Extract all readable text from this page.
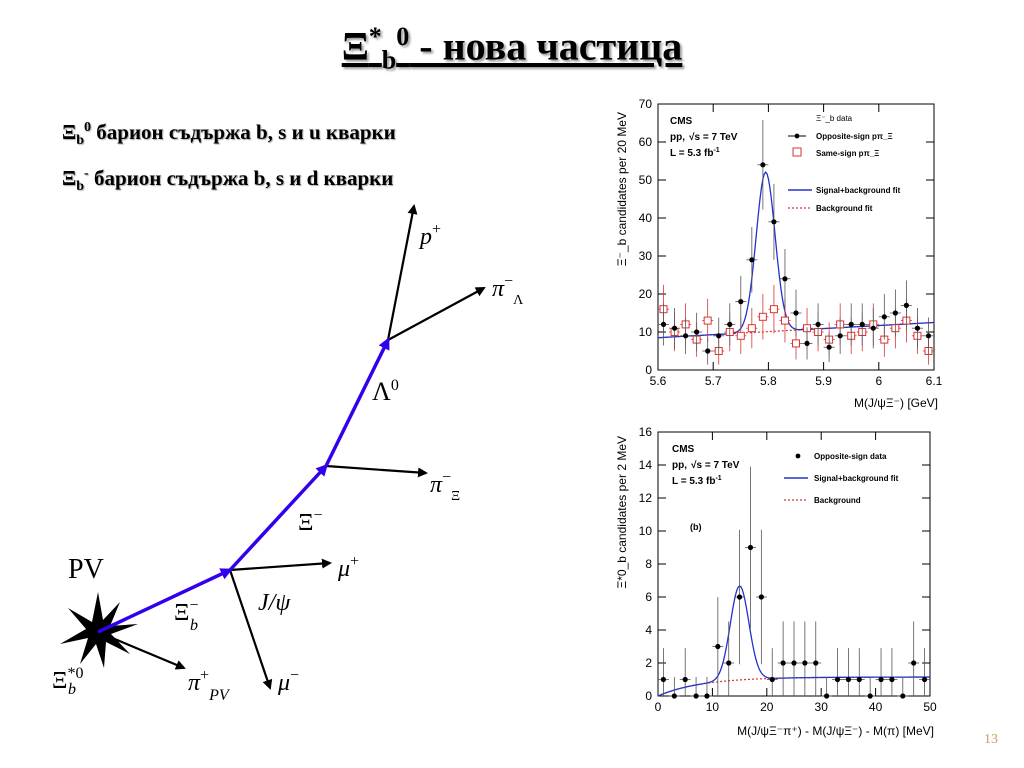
$\Xi^*_b^0$ - нова частица
$\Xi_b^0$ барион съдържа b, s и u кварки
$\Xi_b^-$ барион съдържа b, s и d кварки
PV
$\Xi^{*0}$
b	$\pi^+_{PV}$
Ξ−
b
J/ψ
μ+
μ−
Ξ−
$\pi^-_\Xi$
$\Lambda^0$
$\pi^-_\Lambda$
p+
5.6	5.7	5.8	5.9	6	6.1
0
10
20
30
40
50
60
70
CMS
pp, √s = 7 TeV
L = 5.3 $fb^{-1}$
Ξ⁻_b data
Opposite-sign pπ_Ξ
Same-sign pπ_Ξ
Signal+background fit
Background fit
M(J/ψΞ⁻) [GeV]
Ξ⁻_b candidates per 20 MeV
0	10	20	30	40	50
0
2
4
6
8
10
12
14
16
CMS
pp, √s = 7 TeV
L = 5.3 $fb^{-1}$
(b)
Opposite-sign data
Signal+background fit
Background
M(J/ψΞ⁻π⁺) - M(J/ψΞ⁻) - M(π) [MeV]
Ξ*0_b candidates per 2 MeV
13
